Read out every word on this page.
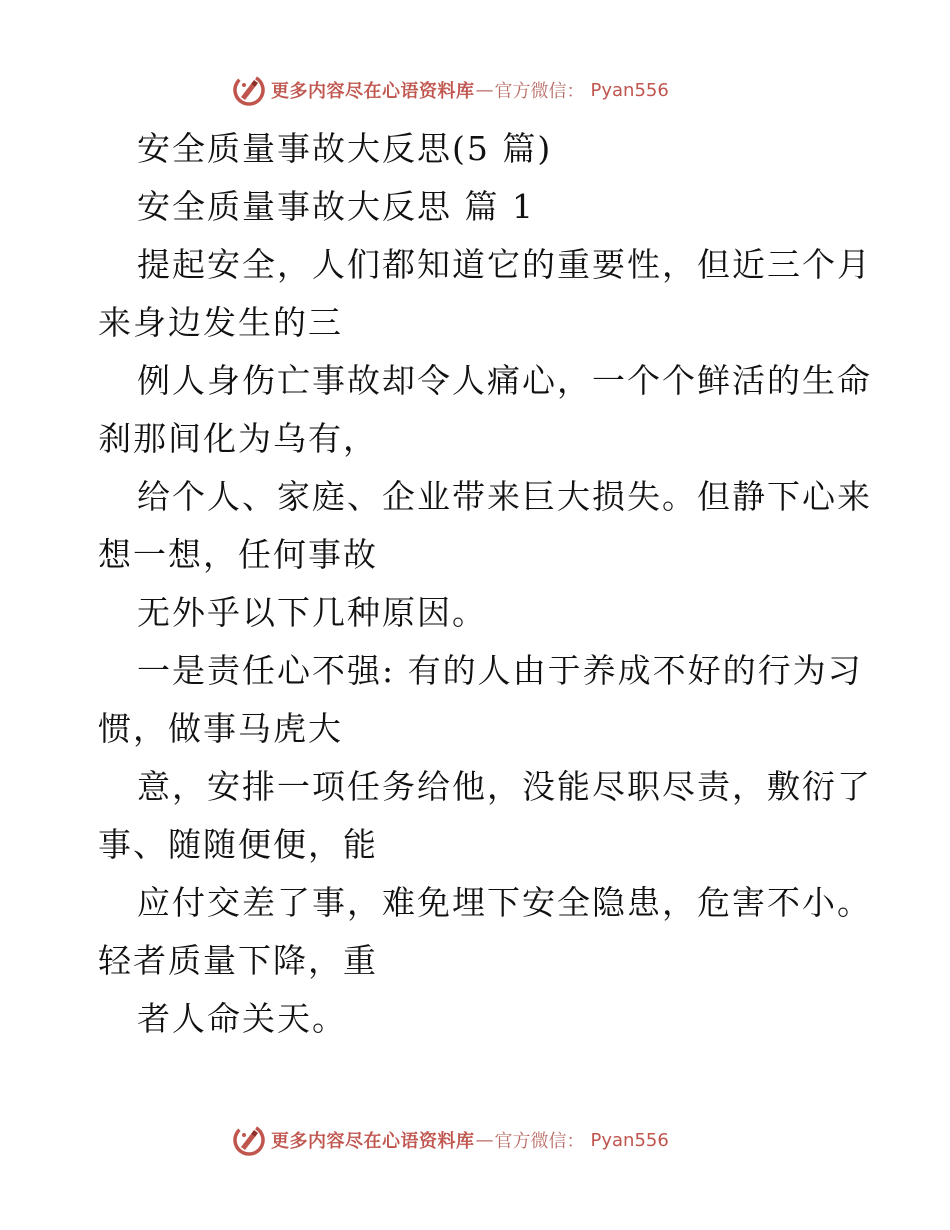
更多内容尽在心语资料库 — 官方微信： Pyan556
安全质量事故大反思(5 篇)
安全质量事故大反思 篇 1
提起安全，人们都知道它的重要性，但近三个月
来身边发生的三
例人身伤亡事故却令人痛心，一个个鲜活的生命
刹那间化为乌有，
给个人、家庭、企业带来巨大损失。但静下心来
想一想，任何事故
无外乎以下几种原因。
一是责任心不强: 有的人由于养成不好的行为习
惯，做事马虎大
意，安排一项任务给他，没能尽职尽责，敷衍了
事、随随便便，能
应付交差了事，难免埋下安全隐患，危害不小。
轻者质量下降，重
者人命关天。
更多内容尽在心语资料库 — 官方微信： Pyan556
